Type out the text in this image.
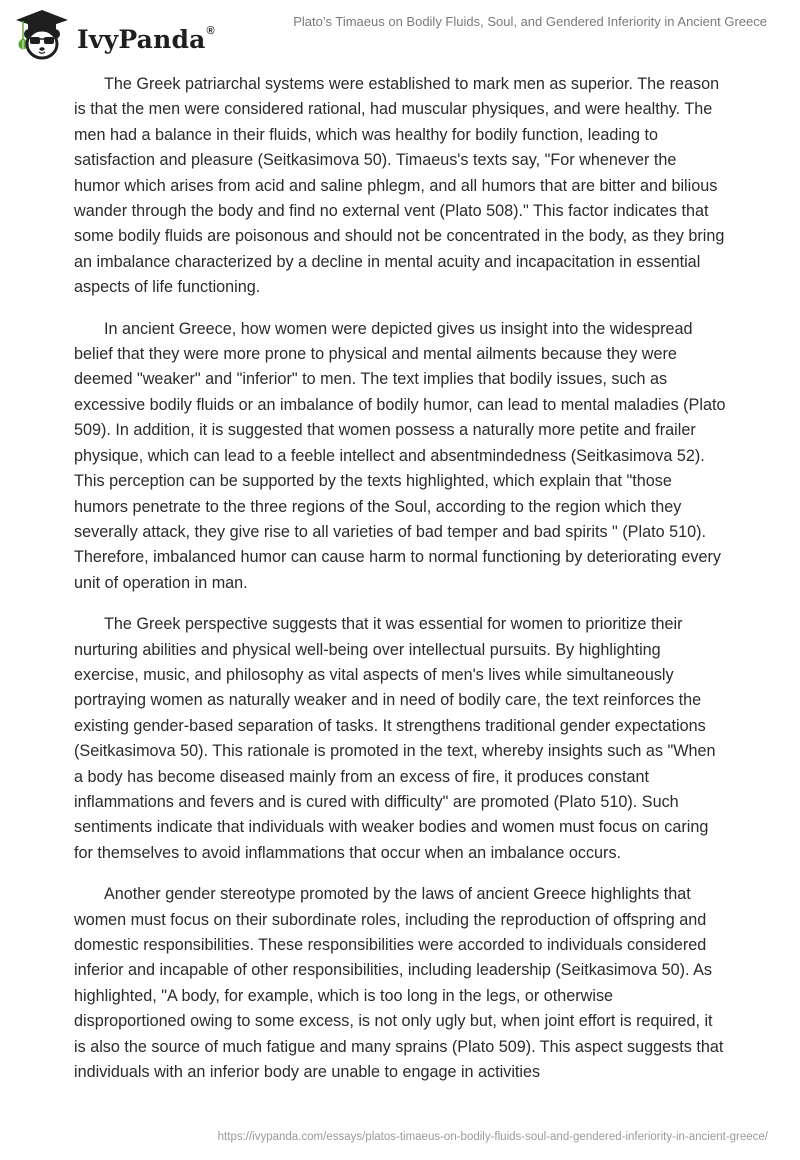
IvyPanda®
Plato’s Timaeus on Bodily Fluids, Soul, and Gendered Inferiority in Ancient Greece

The Greek patriarchal systems were established to mark men as superior. The reason is that the men were considered rational, had muscular physiques, and were healthy. The men had a balance in their fluids, which was healthy for bodily function, leading to satisfaction and pleasure (Seitkasimova 50). Timaeus's texts say, "For whenever the humor which arises from acid and saline phlegm, and all humors that are bitter and bilious wander through the body and find no external vent (Plato 508)." This factor indicates that some bodily fluids are poisonous and should not be concentrated in the body, as they bring an imbalance characterized by a decline in mental acuity and incapacitation in essential aspects of life functioning.

In ancient Greece, how women were depicted gives us insight into the widespread belief that they were more prone to physical and mental ailments because they were deemed "weaker" and "inferior" to men. The text implies that bodily issues, such as excessive bodily fluids or an imbalance of bodily humor, can lead to mental maladies (Plato 509). In addition, it is suggested that women possess a naturally more petite and frailer physique, which can lead to a feeble intellect and absentmindedness (Seitkasimova 52). This perception can be supported by the texts highlighted, which explain that "those humors penetrate to the three regions of the Soul, according to the region which they severally attack, they give rise to all varieties of bad temper and bad spirits " (Plato 510). Therefore, imbalanced humor can cause harm to normal functioning by deteriorating every unit of operation in man.

The Greek perspective suggests that it was essential for women to prioritize their nurturing abilities and physical well-being over intellectual pursuits. By highlighting exercise, music, and philosophy as vital aspects of men's lives while simultaneously portraying women as naturally weaker and in need of bodily care, the text reinforces the existing gender-based separation of tasks. It strengthens traditional gender expectations (Seitkasimova 50). This rationale is promoted in the text, whereby insights such as "When a body has become diseased mainly from an excess of fire, it produces constant inflammations and fevers and is cured with difficulty" are promoted (Plato 510). Such sentiments indicate that individuals with weaker bodies and women must focus on caring for themselves to avoid inflammations that occur when an imbalance occurs.

Another gender stereotype promoted by the laws of ancient Greece highlights that women must focus on their subordinate roles, including the reproduction of offspring and domestic responsibilities. These responsibilities were accorded to individuals considered inferior and incapable of other responsibilities, including leadership (Seitkasimova 50). As highlighted, "A body, for example, which is too long in the legs, or otherwise disproportioned owing to some excess, is not only ugly but, when joint effort is required, it is also the source of much fatigue and many sprains (Plato 509). This aspect suggests that individuals with an inferior body are unable to engage in activities

https://ivypanda.com/essays/platos-timaeus-on-bodily-fluids-soul-and-gendered-inferiority-in-ancient-greece/
